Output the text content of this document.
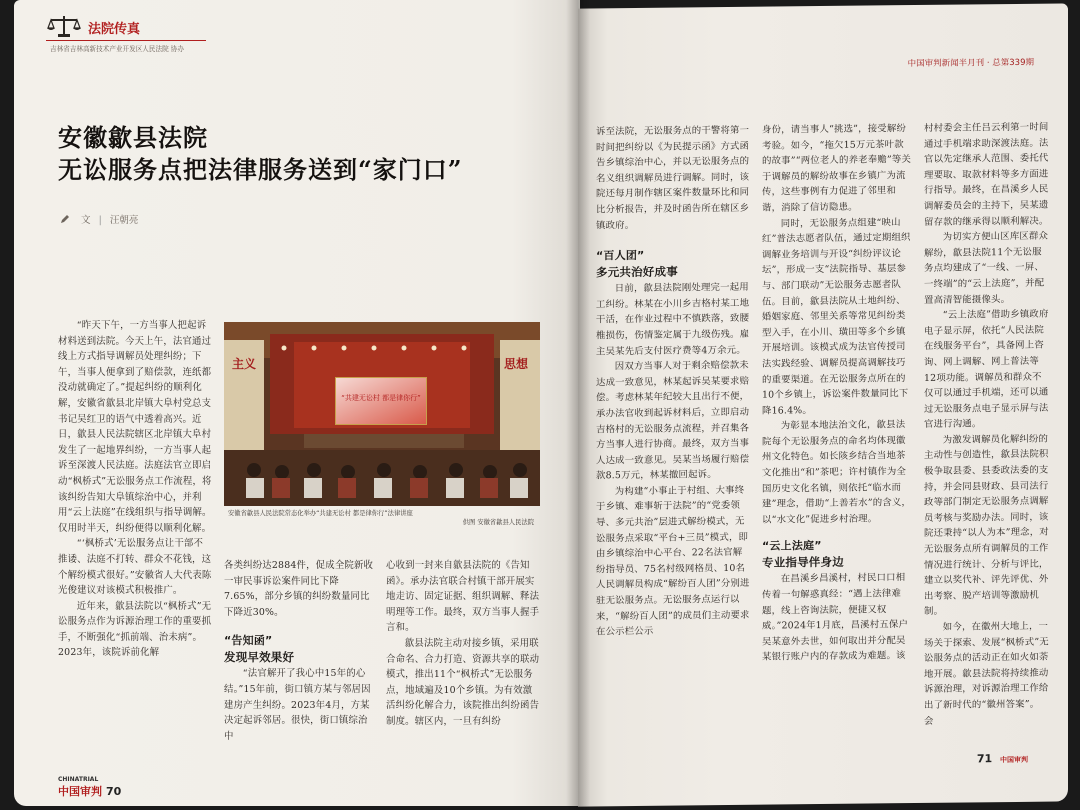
法院传真
吉林省吉林高新技术产业开发区人民法院 协办
安徽歙县法院
无讼服务点把法律服务送到“家门口”
文 | 汪朝亮

“昨天下午，一方当事人把起诉材料送到法院。今天上午，法官通过线上方式指导调解员处理纠纷；下午，当事人便拿到了赔偿款，连纸都没动就确定了。”提起纠纷的顺利化解，安徽省歙县北岸镇大阜村党总支书记吴红卫的语气中透着高兴。近日，歙县人民法院辖区北岸镇大阜村发生了一起地界纠纷，一方当事人起诉至深渡人民法庭。法庭法官立即启动“枫桥式”无讼服务点工作流程，将该纠纷告知大阜镇综治中心，并利用“云上法庭”在线组织与指导调解。仅用时半天，纠纷便得以顺利化解。

“‘枫桥式’无讼服务点让干部不推诿、法庭不打转、群众不花钱，这个解纷模式很好。”安徽省人大代表陈光俊建议对该模式积极推广。

近年来，歙县法院以“枫桥式”无讼服务点作为诉源治理工作的重要抓手，不断强化“抓前端、治未病”。2023年，该院诉前化解

“共建无讼村 都是律你行”
主义	思想
安徽省歙县人民法院常态化举办“共建无讼村 都是律你行”法律讲座
供图 安徽省歙县人民法院

各类纠纷达2884件，促成全院新收一审民事诉讼案件同比下降7.65%，部分乡镇的纠纷数量同比下降近30%。

“告知函”
发现早效果好

“法官解开了我心中15年的心结。”15年前，街口镇方某与邻居因建房产生纠纷。2023年4月，方某决定起诉邻居。很快，街口镇综治中

心收到一封来自歙县法院的《告知函》。承办法官联合村镇干部开展实地走访、固定证据、组织调解、释法明理等工作。最终，双方当事人握手言和。

歙县法院主动对接乡镇，采用联合命名、合力打造、资源共享的联动模式，推出11个“枫桥式”无讼服务点，地域遍及10个乡镇。为有效激活纠纷化解合力，该院推出纠纷函告制度。辖区内，一旦有纠纷

CHINATRIAL
中国审判 70
中国审判新闻半月刊 · 总第339期

诉至法院，无讼服务点的干警将第一时间把纠纷以《为民提示函》方式函告乡镇综治中心，并以无讼服务点的名义组织调解员进行调解。同时，该院还每月制作辖区案件数量环比和同比分析报告，并及时函告所在辖区乡镇政府。

“百人团”
多元共治好成事

日前，歙县法院刚处理完一起用工纠纷。林某在小川乡吉格村某工地干活，在作业过程中不慎跌落，致腰椎损伤，伤情鉴定属于九级伤残。雇主吴某先后支付医疗费等4万余元。

因双方当事人对于剩余赔偿款未达成一致意见，林某起诉吴某要求赔偿。考虑林某年纪较大且出行不便，承办法官收到起诉材料后，立即启动吉格村的无讼服务点流程，并召集各方当事人进行协商。最终，双方当事人达成一致意见。吴某当场履行赔偿款8.5万元，林某撤回起诉。

为构建“小事止于村组、大事终于乡镇、难事斩于法院”的“党委领导、多元共治”层进式解纷模式，无讼服务点采取“平台+三员”模式，即由乡镇综治中心平台、22名法官解纷指导员、75名村级网格员、10名人民调解员构成“解纷百人团”分别进驻无讼服务点。无讼服务点运行以来，“解纷百人团”的成员们主动要求在公示栏公示

身份，请当事人“挑选”，接受解纷考验。如今，“拖欠15万元茶叶款的故事”“两位老人的养老奉赡”等关于调解员的解纷故事在乡镇广为流传，这些事例有力促进了邻里和谐，消除了信访隐患。

同时，无讼服务点组建“映山红”普法志愿者队伍，通过定期组织调解业务培训与开设“纠纷评议论坛”，形成一支“法院指导、基层参与、部门联动”无讼服务志愿者队伍。目前，歙县法院从土地纠纷、婚姻家庭、邻里关系等常见纠纷类型入手，在小川、璜田等多个乡镇开展培训。该模式成为法官传授司法实践经验、调解员提高调解技巧的重要渠道。在无讼服务点所在的10个乡镇上，诉讼案件数量同比下降16.4%。

为彰显本地法治文化，歙县法院每个无讼服务点的命名均体现徽州文化特色。如长陔乡结合当地茶文化推出“和”茶吧；许村镇作为全国历史文化名镇，则依托“临水而建”理念，借助“上善若水”的含义，以“水文化”促进乡村治理。

“云上法庭”
专业指导伴身边

在昌溪乡昌溪村，村民口口相传着一句解惑真经：“遇上法律难题，线上咨询法院，便捷又权威。”2024年1月底，昌溪村五保户吴某意外去世，如何取出并分配吴某银行账户内的存款成为难题。该

村村委会主任吕云利第一时间通过手机端求助深渡法庭。法官以先定继承人范围、委托代理要取、取款材料等多方面进行指导。最终，在昌溪乡人民调解委员会的主持下，吴某遗留存款的继承得以顺利解决。

为切实方便山区库区群众解纷，歙县法院11个无讼服务点均建成了“一线、一屏、一终端”的“云上法庭”，并配置高清智能摄像头。

“云上法庭”借助乡镇政府电子显示屏，依托“人民法院在线服务平台”，具备网上咨询、网上调解、网上普法等12项功能。调解员和群众不仅可以通过手机端，还可以通过无讼服务点电子显示屏与法官进行沟通。

为激发调解员化解纠纷的主动性与创造性，歙县法院积极争取县委、县委政法委的支持，并会同县财政、县司法行政等部门制定无讼服务点调解员考核与奖励办法。同时，该院还秉持“以人为本”理念，对无讼服务点所有调解员的工作情况进行统计、分析与评比，建立以奖代补、评先评优、外出考察、脱产培训等激励机制。

如今，在徽州大地上，一场关于探索、发展“枫桥式”无讼服务点的活动正在如火如荼地开展。歙县法院将持续推动诉源治理，对诉源治理工作给出了新时代的“徽州答案”。

会
71 中国审判
